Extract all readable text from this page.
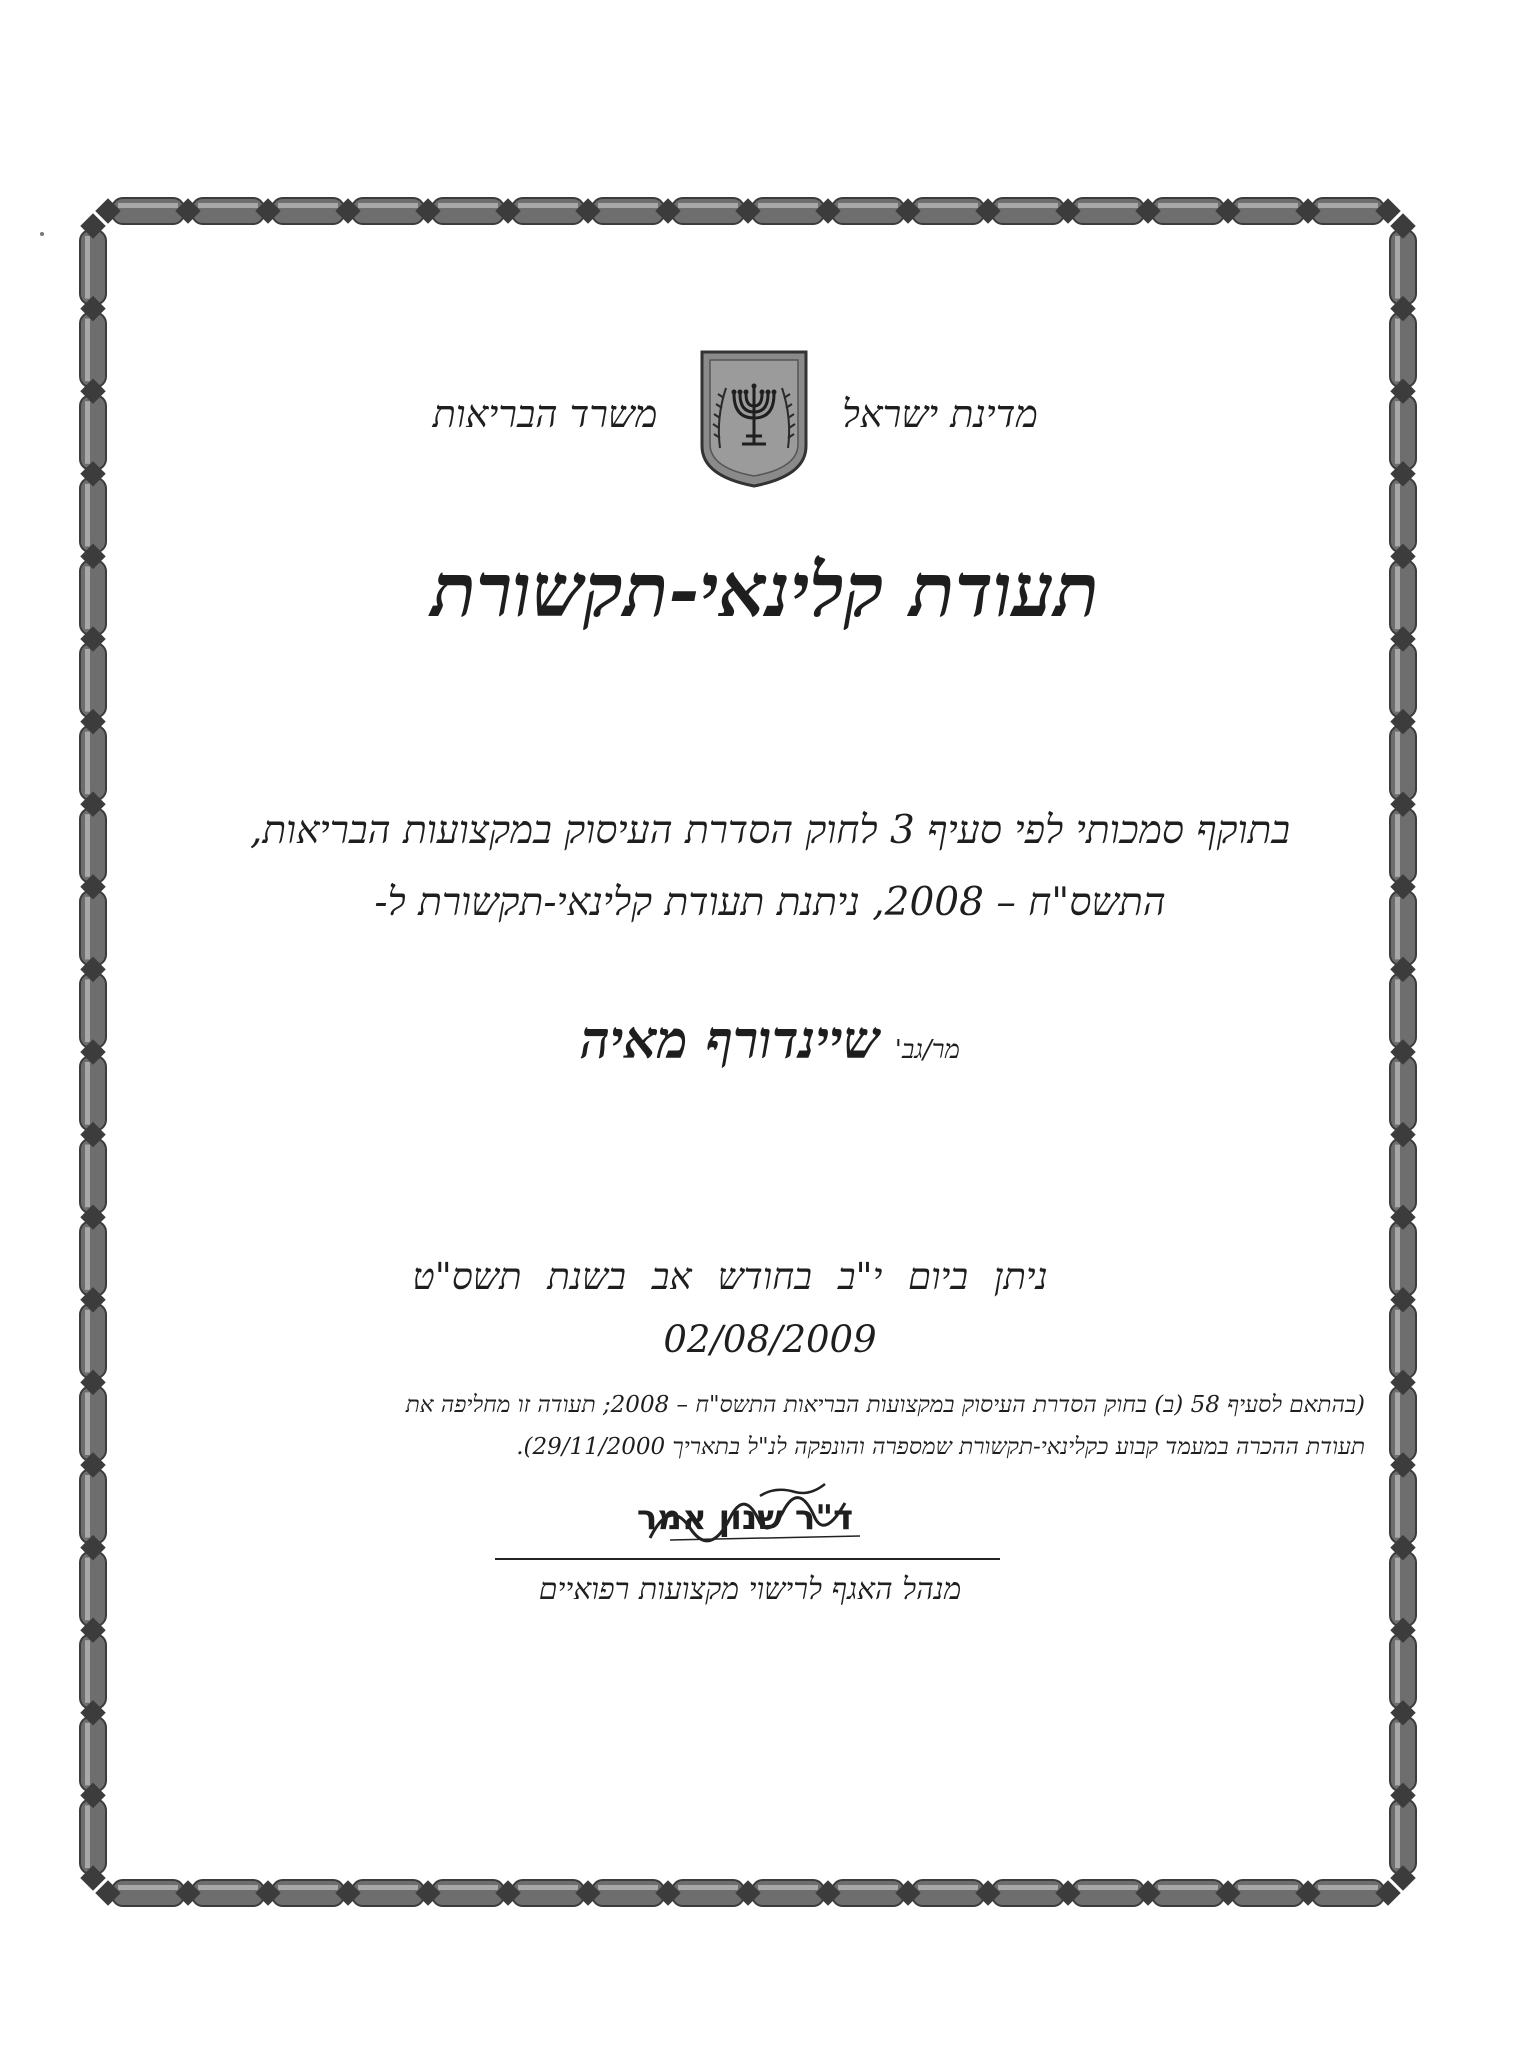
מדינת ישראל
משרד הבריאות
תעודת קלינאי-תקשורת
בתוקף סמכותי לפי סעיף 3 לחוק הסדרת העיסוק במקצועות הבריאות,
התשס"ח – 2008, ניתנת תעודת קלינאי-תקשורת ל-
מר/גב' שיינדורף מאיה
ניתן ביום י"ב בחודש אב בשנת תשס"ט
02/08/2009
(בהתאם לסעיף 58 (ב) בחוק הסדרת העיסוק במקצועות הבריאות התשס"ח – 2008; תעודה זו מחליפה את
תעודת ההכרה במעמד קבוע כקלינאי-תקשורת שמספרה והונפקה לנ"ל בתאריך 29/11/2000).
ד"ר שנון אמר
מנהל האגף לרישוי מקצועות רפואיים
